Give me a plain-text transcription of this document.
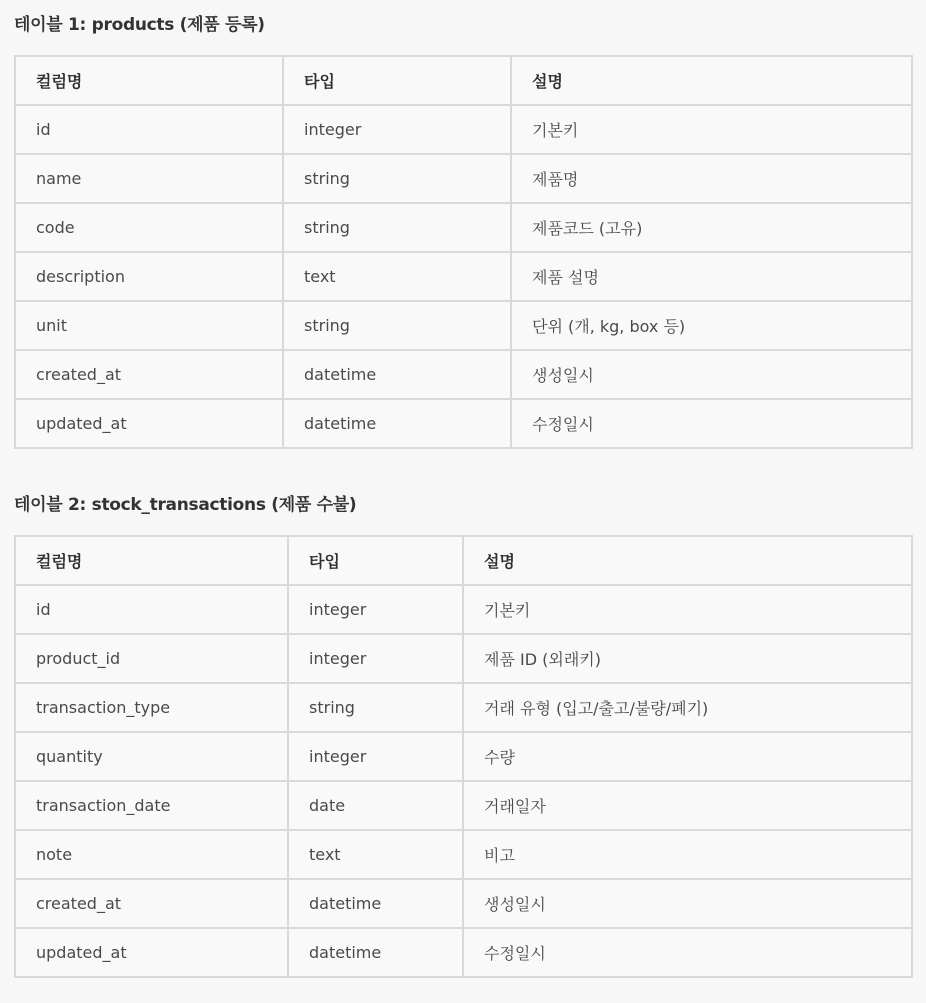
테이블 1: products (제품 등록)
컬럼명	타입	설명
id	integer	기본키
name	string	제품명
code	string	제품코드 (고유)
description	text	제품 설명
unit	string	단위 (개, kg, box 등)
created_at	datetime	생성일시
updated_at	datetime	수정일시
테이블 2: stock_transactions (제품 수불)
컬럼명	타입	설명
id	integer	기본키
product_id	integer	제품 ID (외래키)
transaction_type	string	거래 유형 (입고/출고/불량/폐기)
quantity	integer	수량
transaction_date	date	거래일자
note	text	비고
created_at	datetime	생성일시
updated_at	datetime	수정일시
